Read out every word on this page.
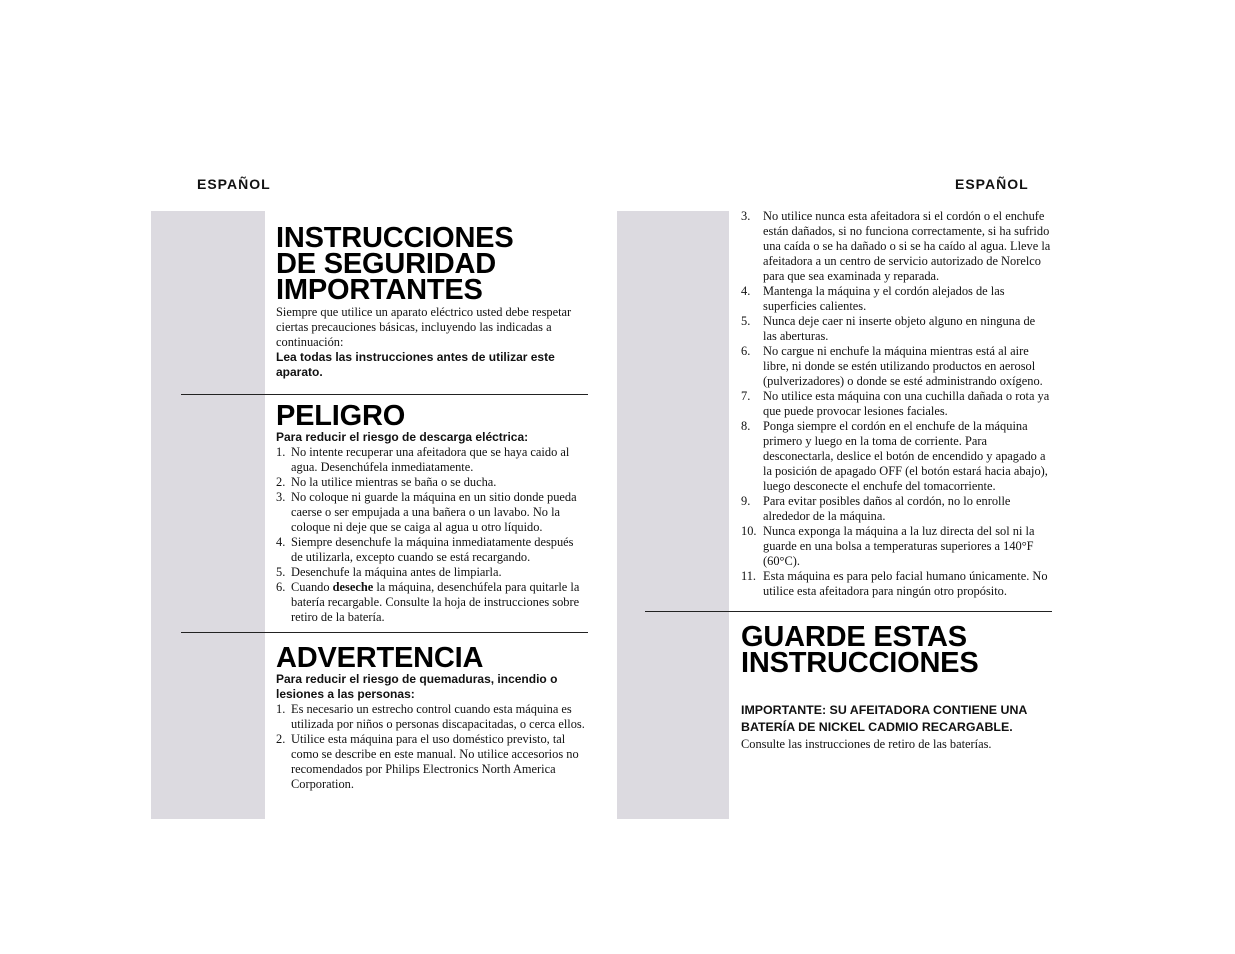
ESPAÑOL	ESPAÑOL
INSTRUCCIONES
DE SEGURIDAD
IMPORTANTES

Siempre que utilice un aparato eléctrico usted debe respetar ciertas precauciones básicas, incluyendo las indicadas a continuación:

Lea todas las instrucciones antes de utilizar este aparato.

PELIGRO

Para reducir el riesgo de descarga eléctrica:

1. No intente recuperar una afeitadora que se haya caido al agua. Desenchúfela inmediatamente.
2. No la utilice mientras se baña o se ducha.
3. No coloque ni guarde la máquina en un sitio donde pueda caerse o ser empujada a una bañera o un lavabo. No la coloque ni deje que se caiga al agua u otro líquido.
4. Siempre desenchufe la máquina inmediatamente después de utilizarla, excepto cuando se está recargando.
5. Desenchufe la máquina antes de limpiarla.
6. Cuando deseche la máquina, desenchúfela para quitarle la batería recargable. Consulte la hoja de instrucciones sobre retiro de la batería.
ADVERTENCIA

Para reducir el riesgo de quemaduras, incendio o lesiones a las personas:

1. Es necesario un estrecho control cuando esta máquina es utilizada por niños o personas discapacitadas, o cerca ellos.
2. Utilice esta máquina para el uso doméstico previsto, tal como se describe en este manual. No utilice accesorios no recomendados por Philips Electronics North America Corporation.
3. No utilice nunca esta afeitadora si el cordón o el enchufe están dañados, si no funciona correctamente, si ha sufrido una caída o se ha dañado o si se ha caído al agua. Lleve la afeitadora a un centro de servicio autorizado de Norelco para que sea examinada y reparada.
4. Mantenga la máquina y el cordón alejados de las superficies calientes.
5. Nunca deje caer ni inserte objeto alguno en ninguna de las aberturas.
6. No cargue ni enchufe la máquina mientras está al aire libre, ni donde se estén utilizando productos en aerosol (pulverizadores) o donde se esté administrando oxígeno.
7. No utilice esta máquina con una cuchilla dañada o rota ya que puede provocar lesiones faciales.
8. Ponga siempre el cordón en el enchufe de la máquina primero y luego en la toma de corriente. Para desconectarla, deslice el botón de encendido y apagado a la posición de apagado OFF (el botón estará hacia abajo), luego desconecte el enchufe del tomacorriente.
9. Para evitar posibles daños al cordón, no lo enrolle alrededor de la máquina.
10. Nunca exponga la máquina a la luz directa del sol ni la guarde en una bolsa a temperaturas superiores a 140°F (60°C).
11. Esta máquina es para pelo facial humano únicamente. No utilice esta afeitadora para ningún otro propósito.
GUARDE ESTAS
INSTRUCCIONES

IMPORTANTE: SU AFEITADORA CONTIENE UNA

BATERÍA DE NICKEL CADMIO RECARGABLE.

Consulte las instrucciones de retiro de las baterías.
